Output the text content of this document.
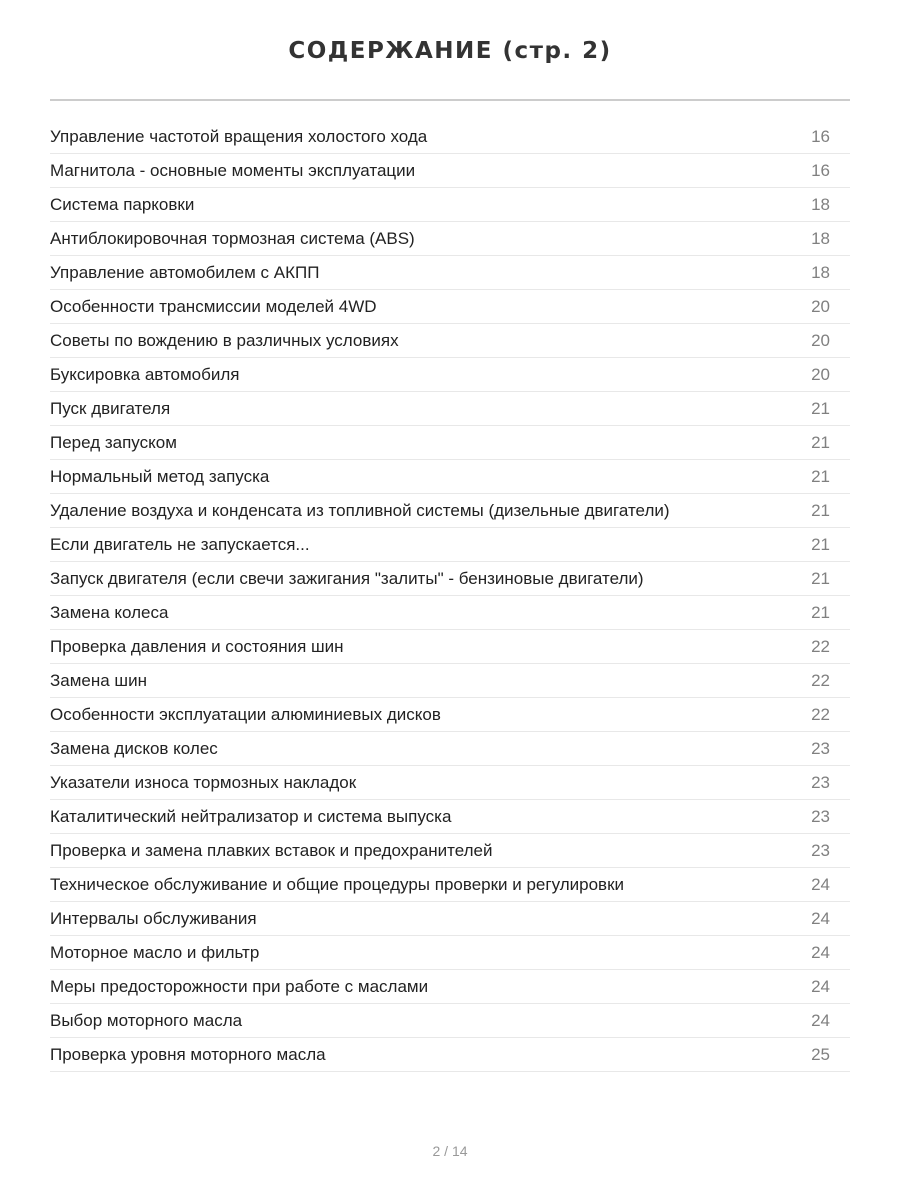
СОДЕРЖАНИЕ (стр. 2)
Управление частотой вращения холостого хода	16
Магнитола - основные моменты эксплуатации	16
Система парковки	18
Антиблокировочная тормозная система (ABS)	18
Управление автомобилем с АКПП	18
Особенности трансмиссии моделей 4WD	20
Советы по вождению в различных условиях	20
Буксировка автомобиля	20
Пуск двигателя	21
Перед запуском	21
Нормальный метод запуска	21
Удаление воздуха и конденсата из топливной системы (дизельные двигатели)	21
Если двигатель не запускается...	21
Запуск двигателя (если свечи зажигания "залиты" - бензиновые двигатели)	21
Замена колеса	21
Проверка давления и состояния шин	22
Замена шин	22
Особенности эксплуатации алюминиевых дисков	22
Замена дисков колес	23
Указатели износа тормозных накладок	23
Каталитический нейтрализатор и система выпуска	23
Проверка и замена плавких вставок и предохранителей	23
Техническое обслуживание и общие процедуры проверки и регулировки	24
Интервалы обслуживания	24
Моторное масло и фильтр	24
Меры предосторожности при работе с маслами	24
Выбор моторного масла	24
Проверка уровня моторного масла	25
2 / 14
